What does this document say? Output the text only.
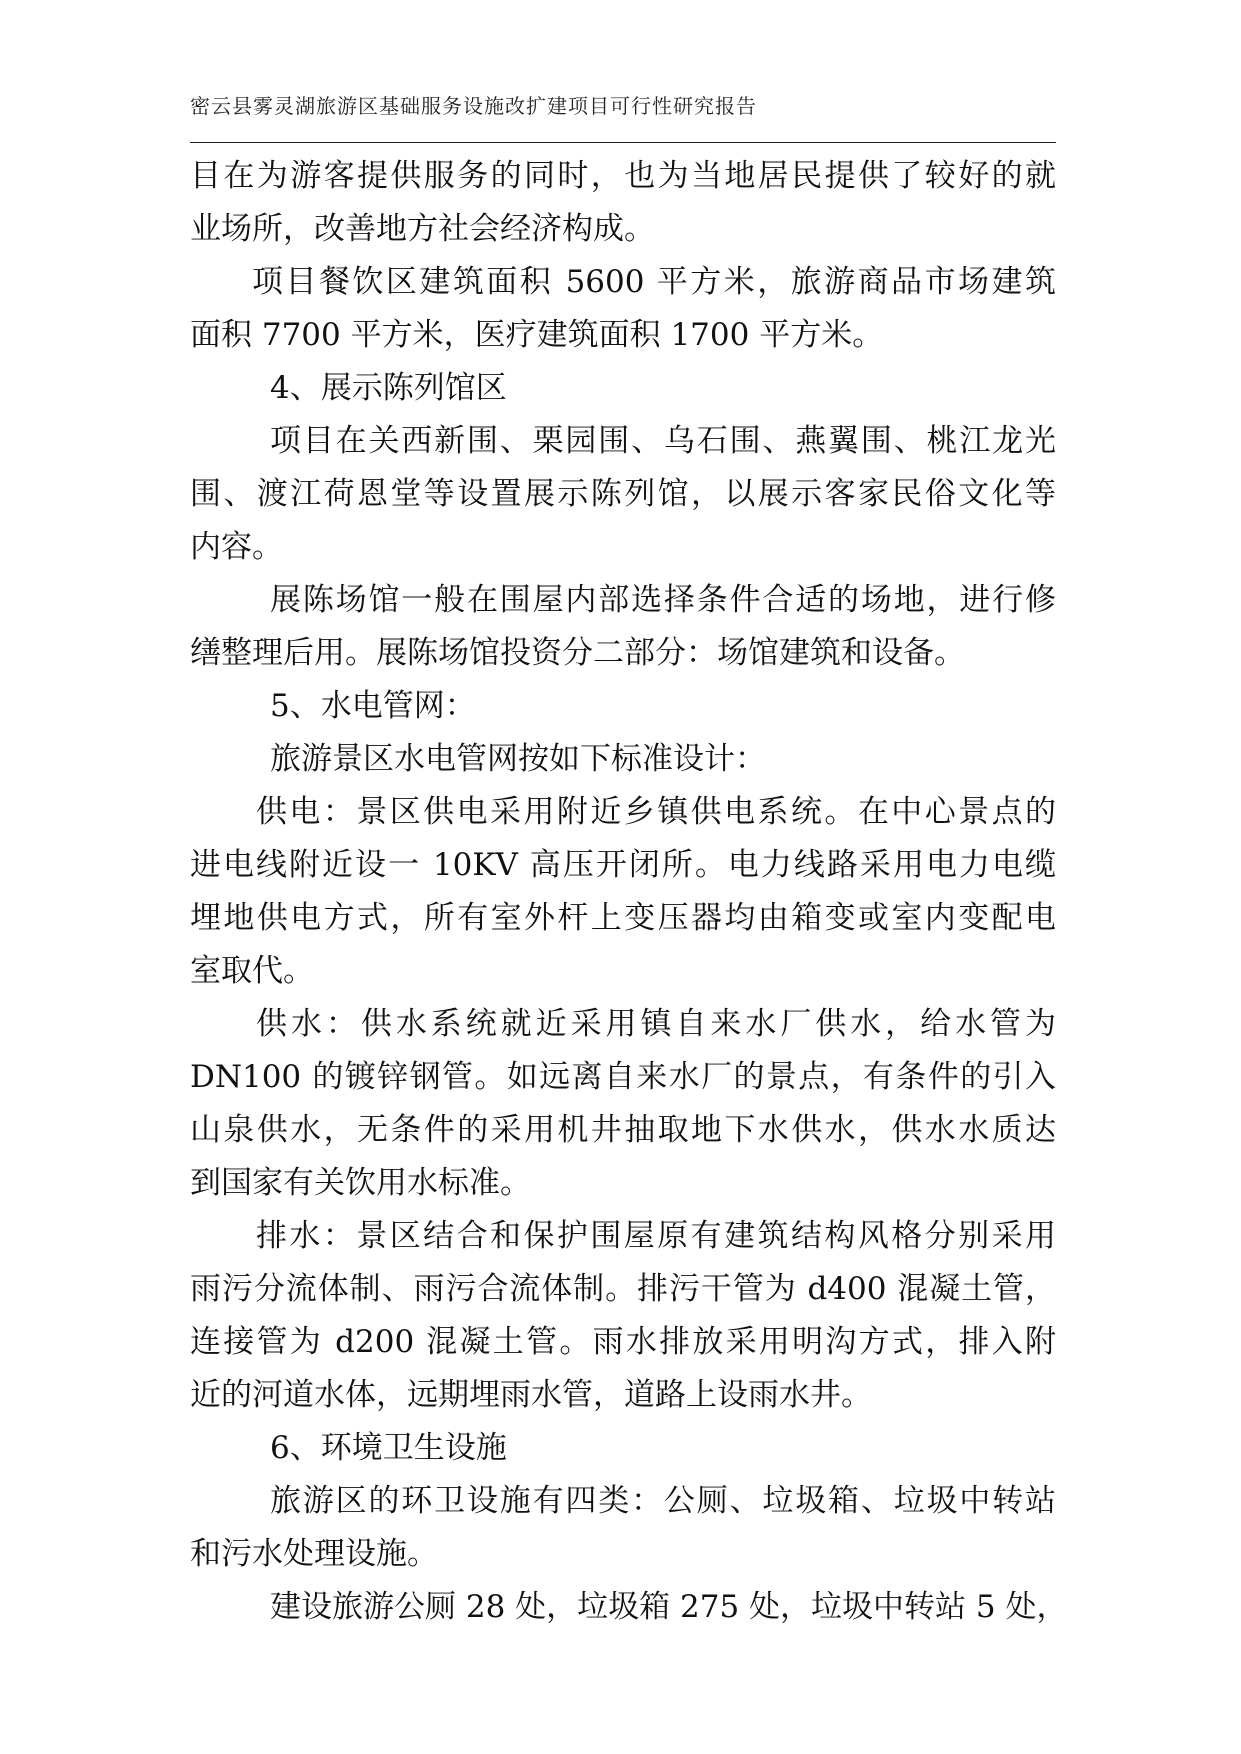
密云县雾灵湖旅游区基础服务设施改扩建项目可行性研究报告
目在为游客提供服务的同时，也为当地居民提供了较好的就
业场所，改善地方社会经济构成。
项目餐饮区建筑面积 5600 平方米，旅游商品市场建筑
面积 7700 平方米，医疗建筑面积 1700 平方米。
4、展示陈列馆区
项目在关西新围、栗园围、乌石围、燕翼围、桃江龙光
围、渡江荷恩堂等设置展示陈列馆，以展示客家民俗文化等
内容。
展陈场馆一般在围屋内部选择条件合适的场地，进行修
缮整理后用。展陈场馆投资分二部分：场馆建筑和设备。
5、水电管网：
旅游景区水电管网按如下标准设计：
供电：景区供电采用附近乡镇供电系统。在中心景点的
进电线附近设一 10KV 高压开闭所。电力线路采用电力电缆
埋地供电方式，所有室外杆上变压器均由箱变或室内变配电
室取代。
供水：供水系统就近采用镇自来水厂供水，给水管为
DN100 的镀锌钢管。如远离自来水厂的景点，有条件的引入
山泉供水，无条件的采用机井抽取地下水供水，供水水质达
到国家有关饮用水标准。
排水：景区结合和保护围屋原有建筑结构风格分别采用
雨污分流体制、雨污合流体制。排污干管为 d400 混凝土管，
连接管为 d200 混凝土管。雨水排放采用明沟方式，排入附
近的河道水体，远期埋雨水管，道路上设雨水井。
6、环境卫生设施
旅游区的环卫设施有四类：公厕、垃圾箱、垃圾中转站
和污水处理设施。
建设旅游公厕 28 处，垃圾箱 275 处，垃圾中转站 5 处，
